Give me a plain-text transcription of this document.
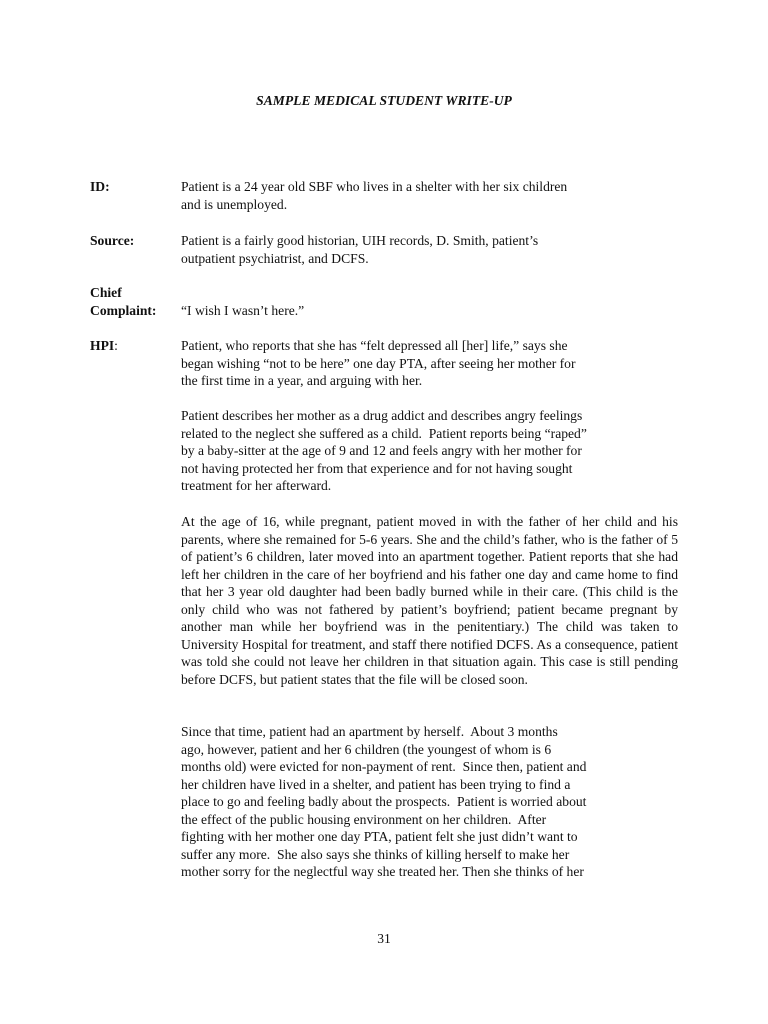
SAMPLE MEDICAL STUDENT WRITE-UP

ID:	Patient is a 24 year old SBF who lives in a shelter with her six children

and is unemployed.

Source:	Patient is a fairly good historian, UIH records, D. Smith, patient’s

outpatient psychiatrist, and DCFS.

Chief
Complaint:	“I wish I wasn’t here.”

HPI:	Patient, who reports that she has “felt depressed all [her] life,” says she

began wishing “not to be here” one day PTA, after seeing her mother for

the first time in a year, and arguing with her.

Patient describes her mother as a drug addict and describes angry feelings

related to the neglect she suffered as a child.  Patient reports being “raped”

by a baby-sitter at the age of 9 and 12 and feels angry with her mother for

not having protected her from that experience and for not having sought

treatment for her afterward.

At the age of 16, while pregnant, patient moved in with the father of her child and his parents, where she remained for 5-6 years. She and the child’s father, who is the father of 5 of patient’s 6 children, later moved into an apartment together. Patient reports that she had left her children in the care of her boyfriend and his father one day and came home to find that her 3 year old daughter had been badly burned while in their care. (This child is the only child who was not fathered by patient’s boyfriend; patient became pregnant by another man while her boyfriend was in the penitentiary.) The child was taken to University Hospital for treatment, and staff there notified DCFS. As a consequence, patient was told she could not leave her children in that situation again. This case is still pending before DCFS, but patient states that the file will be closed soon.

Since that time, patient had an apartment by herself.  About 3 months

ago, however, patient and her 6 children (the youngest of whom is 6

months old) were evicted for non-payment of rent.  Since then, patient and

her children have lived in a shelter, and patient has been trying to find a

place to go and feeling badly about the prospects.  Patient is worried about

the effect of the public housing environment on her children.  After

fighting with her mother one day PTA, patient felt she just didn’t want to

suffer any more.  She also says she thinks of killing herself to make her

mother sorry for the neglectful way she treated her. Then she thinks of her

31
